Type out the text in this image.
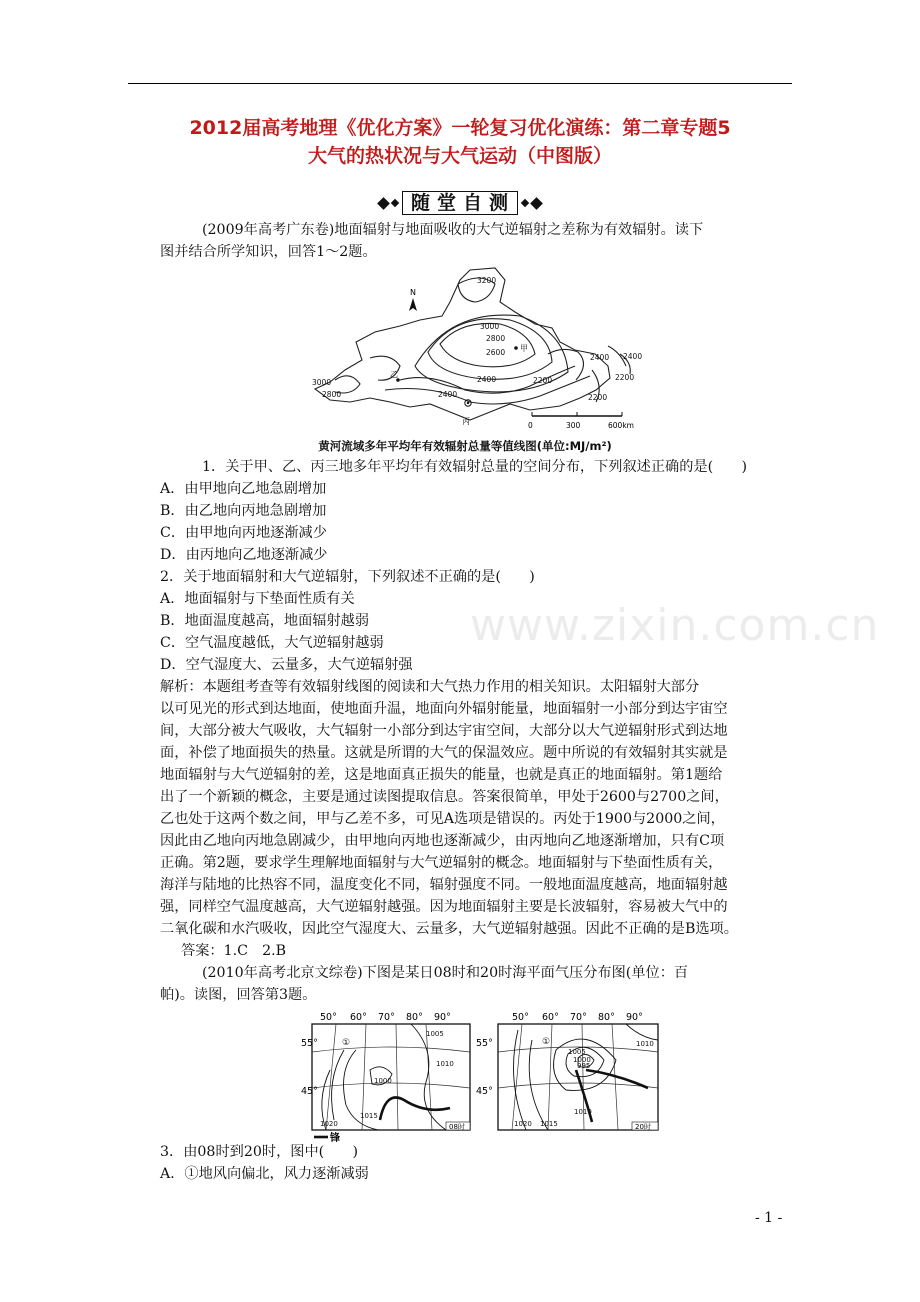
2012届高考地理《优化方案》一轮复习优化演练：第二章专题5
大气的热状况与大气运动（中图版）
随堂自测
(2009年高考广东卷)地面辐射与地面吸收的大气逆辐射之差称为有效辐射。读下
图并结合所学知识，回答1～2题。
N
3200
3000
2800
2600
2400	2200
3000
2800	2400
2400 2400
2200
2200
甲
乙
丙	0	300	600km
黄河流域多年平均年有效辐射总量等值线图(单位:MJ/m²)
1．关于甲、乙、丙三地多年平均年有效辐射总量的空间分布，下列叙述正确的是(　　)
A．由甲地向乙地急剧增加
B．由乙地向丙地急剧增加
C．由甲地向丙地逐渐减少
D．由丙地向乙地逐渐减少
2．关于地面辐射和大气逆辐射，下列叙述不正确的是(　　)
A．地面辐射与下垫面性质有关
B．地面温度越高，地面辐射越弱
C．空气温度越低，大气逆辐射越弱
D．空气湿度大、云量多，大气逆辐射强
www.zixin.com.cn
解析：本题组考查等有效辐射线图的阅读和大气热力作用的相关知识。太阳辐射大部分
以可见光的形式到达地面，使地面升温，地面向外辐射能量，地面辐射一小部分到达宇宙空
间，大部分被大气吸收，大气辐射一小部分到达宇宙空间，大部分以大气逆辐射形式到达地
面，补偿了地面损失的热量。这就是所谓的大气的保温效应。题中所说的有效辐射其实就是
地面辐射与大气逆辐射的差，这是地面真正损失的能量，也就是真正的地面辐射。第1题给
出了一个新颖的概念，主要是通过读图提取信息。答案很简单，甲处于2600与2700之间，
乙也处于这两个数之间，甲与乙差不多，可见A选项是错误的。丙处于1900与2000之间，
因此由乙地向丙地急剧减少，由甲地向丙地也逐渐减少，由丙地向乙地逐渐增加，只有C项
正确。第2题，要求学生理解地面辐射与大气逆辐射的概念。地面辐射与下垫面性质有关，
海洋与陆地的比热容不同，温度变化不同，辐射强度不同。一般地面温度越高，地面辐射越
强，同样空气温度越高，大气逆辐射越强。因为地面辐射主要是长波辐射，容易被大气中的
二氧化碳和水汽吸收，因此空气湿度大、云量多，大气逆辐射越强。因此不正确的是B选项。
答案：1.C　2.B
(2010年高考北京文综卷)下图是某日08时和20时海平面气压分布图(单位：百
帕)。读图，回答第3题。
1005
1000
1010
1015
1020
①
08时
55°
45°
50° 60° 70° 80° 90°
1010
1005
1000
995
1010
1020 1015
①
20时
55°
45°
50° 60° 70° 80° 90°
锋
3．由08时到20时，图中(　　)
A．①地风向偏北，风力逐渐减弱
- 1 -
